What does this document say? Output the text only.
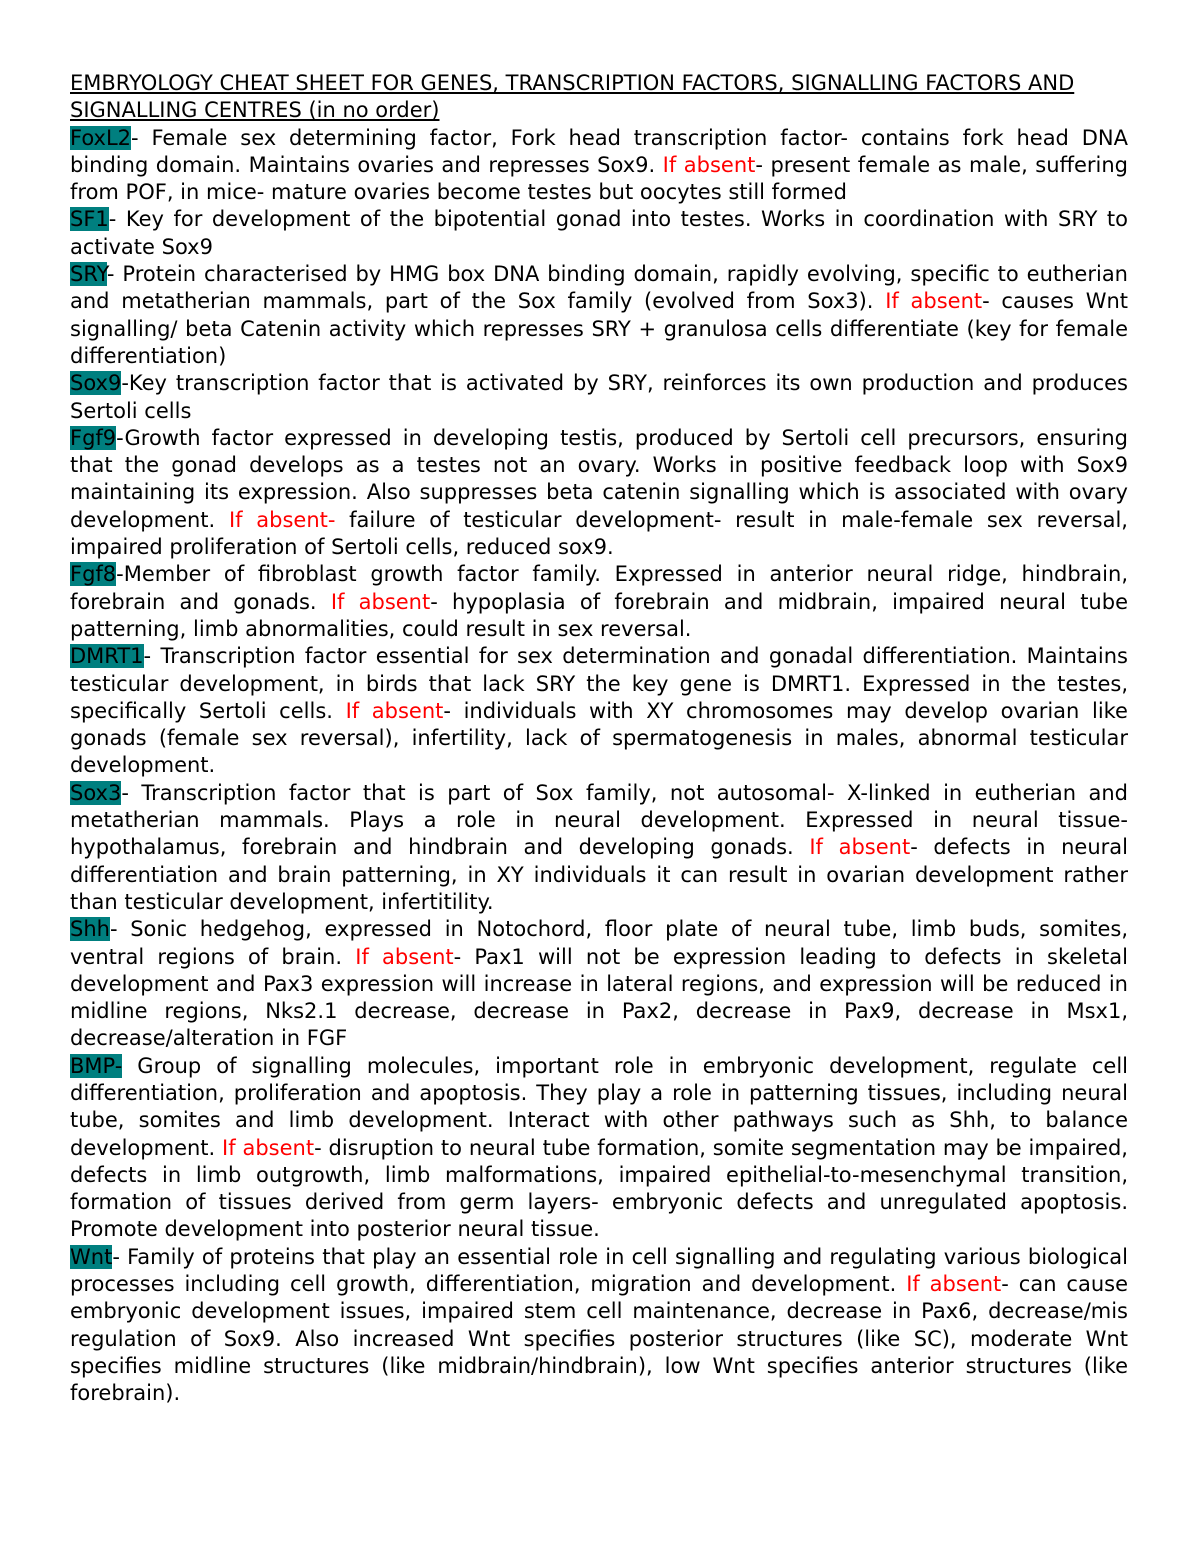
EMBRYOLOGY CHEAT SHEET FOR GENES, TRANSCRIPTION FACTORS, SIGNALLING FACTORS AND SIGNALLING CENTRES (in no order)
FoxL2- Female sex determining factor, Fork head transcription factor- contains fork head DNA binding domain. Maintains ovaries and represses Sox9. If absent- present female as male, suffering from POF, in mice- mature ovaries become testes but oocytes still formed
SF1- Key for development of the bipotential gonad into testes. Works in coordination with SRY to activate Sox9
SRY- Protein characterised by HMG box DNA binding domain, rapidly evolving, specific to eutherian and metatherian mammals, part of the Sox family (evolved from Sox3). If absent- causes Wnt signalling/ beta Catenin activity which represses SRY + granulosa cells differentiate (key for female differentiation)
Sox9-Key transcription factor that is activated by SRY, reinforces its own production and produces Sertoli cells
Fgf9-Growth factor expressed in developing testis, produced by Sertoli cell precursors, ensuring that the gonad develops as a testes not an ovary. Works in positive feedback loop with Sox9 maintaining its expression. Also suppresses beta catenin signalling which is associated with ovary development. If absent- failure of testicular development- result in male-female sex reversal, impaired proliferation of Sertoli cells, reduced sox9.
Fgf8-Member of fibroblast growth factor family. Expressed in anterior neural ridge, hindbrain, forebrain and gonads. If absent- hypoplasia of forebrain and midbrain, impaired neural tube patterning, limb abnormalities, could result in sex reversal.
DMRT1- Transcription factor essential for sex determination and gonadal differentiation. Maintains testicular development, in birds that lack SRY the key gene is DMRT1. Expressed in the testes, specifically Sertoli cells. If absent- individuals with XY chromosomes may develop ovarian like gonads (female sex reversal), infertility, lack of spermatogenesis in males, abnormal testicular development.
Sox3- Transcription factor that is part of Sox family, not autosomal- X-linked in eutherian and metatherian mammals. Plays a role in neural development. Expressed in neural tissue- hypothalamus, forebrain and hindbrain and developing gonads. If absent- defects in neural differentiation and brain patterning, in XY individuals it can result in ovarian development rather than testicular development, infertitility.
Shh- Sonic hedgehog, expressed in Notochord, floor plate of neural tube, limb buds, somites, ventral regions of brain. If absent- Pax1 will not be expression leading to defects in skeletal development and Pax3 expression will increase in lateral regions, and expression will be reduced in midline regions, Nks2.1 decrease, decrease in Pax2, decrease in Pax9, decrease in Msx1, decrease/alteration in FGF
BMP- Group of signalling molecules, important role in embryonic development, regulate cell differentiation, proliferation and apoptosis. They play a role in patterning tissues, including neural tube, somites and limb development. Interact with other pathways such as Shh, to balance development. If absent- disruption to neural tube formation, somite segmentation may be impaired, defects in limb outgrowth, limb malformations, impaired epithelial-to-mesenchymal transition, formation of tissues derived from germ layers- embryonic defects and unregulated apoptosis. Promote development into posterior neural tissue.
Wnt- Family of proteins that play an essential role in cell signalling and regulating various biological processes including cell growth, differentiation, migration and development. If absent- can cause embryonic development issues, impaired stem cell maintenance, decrease in Pax6, decrease/mis regulation of Sox9. Also increased Wnt specifies posterior structures (like SC), moderate Wnt specifies midline structures (like midbrain/hindbrain), low Wnt specifies anterior structures (like forebrain).
